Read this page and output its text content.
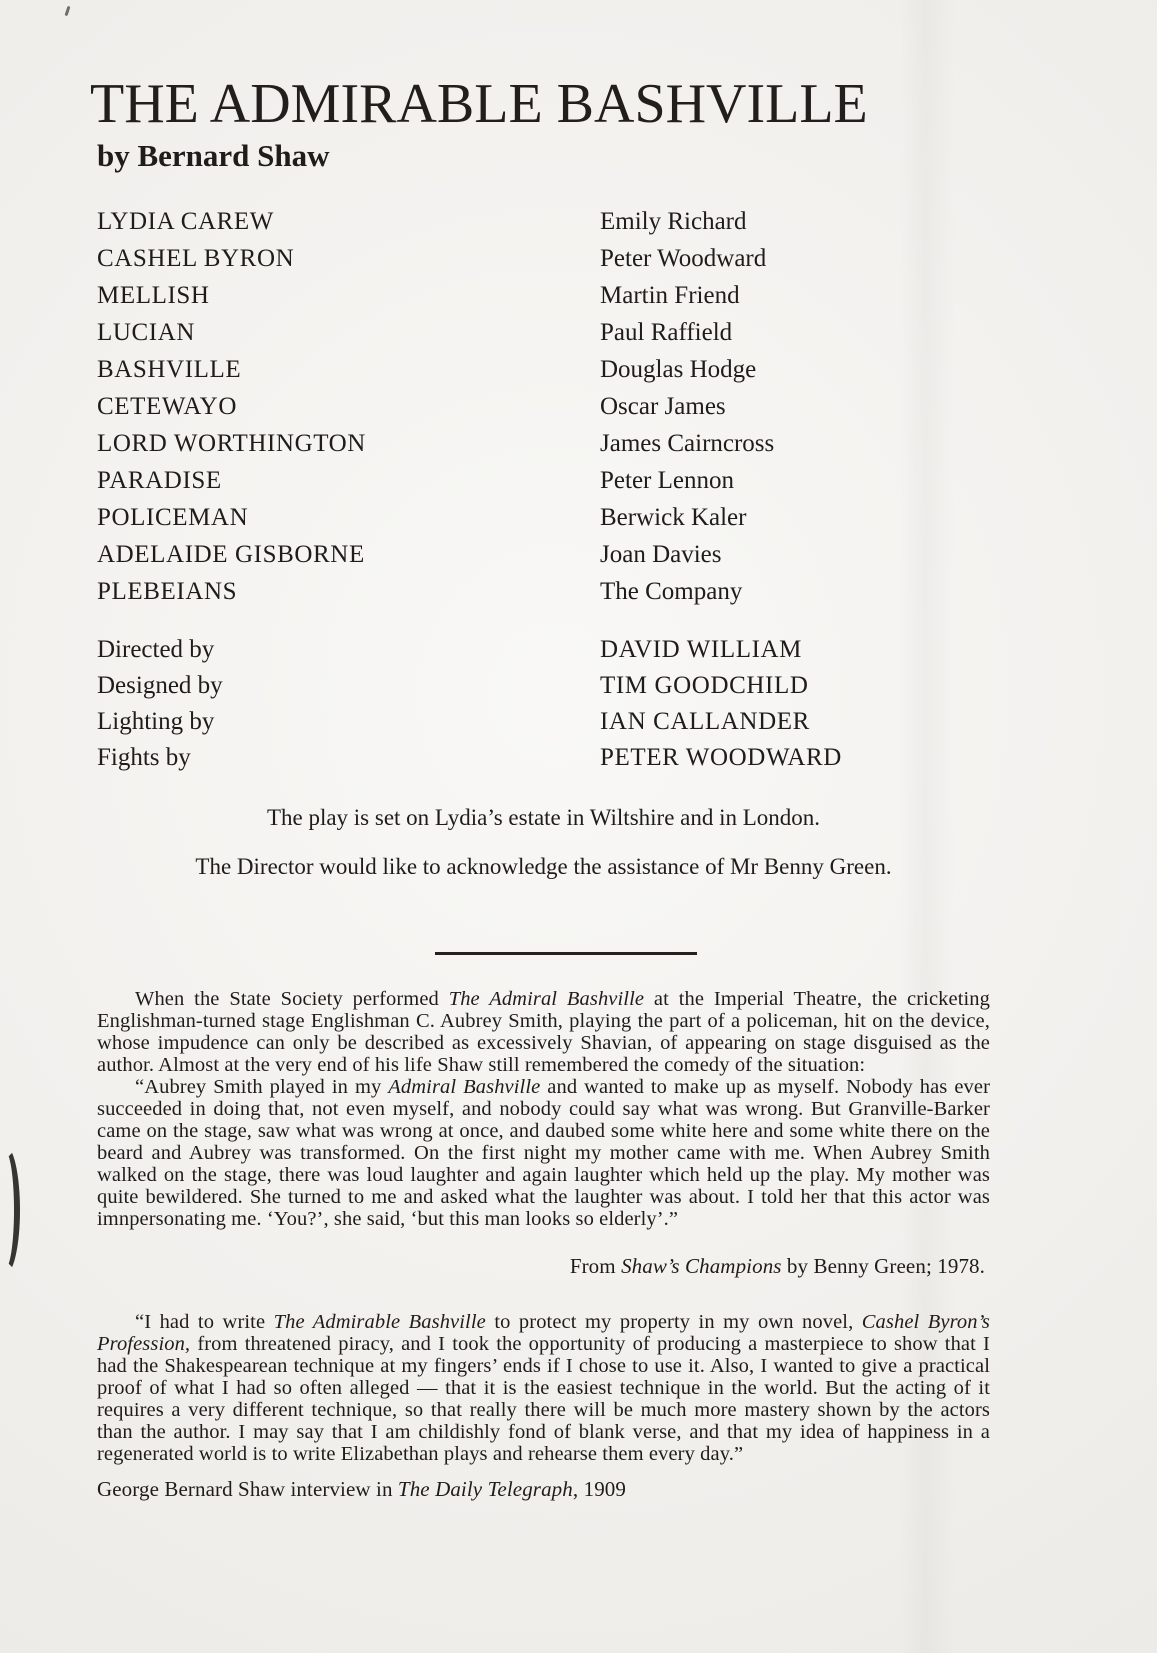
THE ADMIRABLE BASHVILLE
by Bernard Shaw
LYDIA CAREW	Emily Richard
CASHEL BYRON	Peter Woodward
MELLISH	Martin Friend
LUCIAN	Paul Raffield
BASHVILLE	Douglas Hodge
CETEWAYO	Oscar James
LORD WORTHINGTON	James Cairncross
PARADISE	Peter Lennon
POLICEMAN	Berwick Kaler
ADELAIDE GISBORNE	Joan Davies
PLEBEIANS	The Company
Directed by	DAVID WILLIAM
Designed by	TIM GOODCHILD
Lighting by	IAN CALLANDER
Fights by	PETER WOODWARD
The play is set on Lydia’s estate in Wiltshire and in London.
The Director would like to acknowledge the assistance of Mr Benny Green.

When the State Society performed The Admiral Bashville at the Imperial Theatre, the cricketing Englishman-turned stage Englishman C. Aubrey Smith, playing the part of a policeman, hit on the device, whose impudence can only be described as excessively Shavian, of appearing on stage disguised as the author. Almost at the very end of his life Shaw still remembered the comedy of the situation:

“Aubrey Smith played in my Admiral Bashville and wanted to make up as myself. Nobody has ever succeeded in doing that, not even myself, and nobody could say what was wrong. But Granville-Barker came on the stage, saw what was wrong at once, and daubed some white here and some white there on the beard and Aubrey was transformed. On the first night my mother came with me. When Aubrey Smith walked on the stage, there was loud laughter and again laughter which held up the play. My mother was quite bewildered. She turned to me and asked what the laughter was about. I told her that this actor was imnpersonating me. ‘You?’, she said, ‘but this man looks so elderly’.”

From Shaw’s Champions by Benny Green; 1978.

“I had to write The Admirable Bashville to protect my property in my own novel, Cashel Byron’s Profession, from threatened piracy, and I took the opportunity of producing a masterpiece to show that I had the Shakespearean technique at my fingers’ ends if I chose to use it. Also, I wanted to give a practical proof of what I had so often alleged — that it is the easiest technique in the world. But the acting of it requires a very different technique, so that really there will be much more mastery shown by the actors than the author. I may say that I am childishly fond of blank verse, and that my idea of happiness in a regenerated world is to write Elizabethan plays and rehearse them every day.”

George Bernard Shaw interview in The Daily Telegraph, 1909
